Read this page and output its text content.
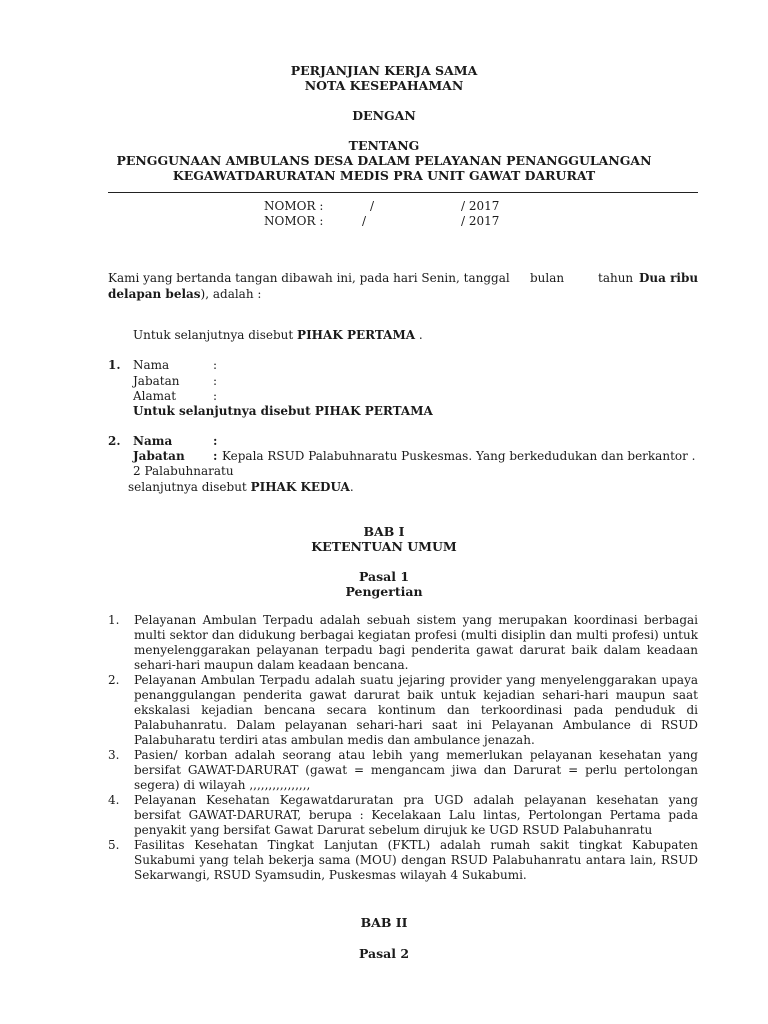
PERJANJIAN KERJA SAMA
NOTA KESEPAHAMAN
DENGAN
TENTANG
PENGGUNAAN AMBULANS DESA DALAM PELAYANAN PENANGGULANGAN
KEGAWATDARURATAN MEDIS PRA UNIT GAWAT DARURAT
NOMOR :	/	/ 2017
NOMOR :	/	/ 2017
Kami yang bertanda tangan dibawah ini, pada hari Senin, tanggal bulan	tahun Dua ribu
delapan belas), adalah :
Untuk selanjutnya disebut PIHAK PERTAMA .
1. Nama	:
Jabatan	:
Alamat	:
Untuk selanjutnya disebut PIHAK PERTAMA
2. Nama	:
Jabatan : Kepala RSUD Palabuhnaratu Puskesmas. Yang berkedudukan dan berkantor .
2 Palabuhnaratu
selanjutnya disebut PIHAK KEDUA.
BAB I
KETENTUAN UMUM
Pasal 1
Pengertian
1. Pelayanan Ambulan Terpadu adalah sebuah sistem yang merupakan koordinasi berbagai multi sektor dan didukung berbagai kegiatan profesi (multi disiplin dan multi profesi) untuk menyelenggarakan pelayanan terpadu bagi penderita gawat darurat baik dalam keadaan sehari-hari maupun dalam keadaan bencana.
2. Pelayanan Ambulan Terpadu adalah suatu jejaring provider yang menyelenggarakan upaya penanggulangan penderita gawat darurat baik untuk kejadian sehari-hari maupun saat ekskalasi kejadian bencana secara kontinum dan terkoordinasi pada penduduk di Palabuhanratu. Dalam pelayanan sehari-hari saat ini Pelayanan Ambulance di RSUD Palabuharatu terdiri atas ambulan medis dan ambulance jenazah.
3. Pasien/ korban adalah seorang atau lebih yang memerlukan pelayanan kesehatan yang bersifat GAWAT-DARURAT (gawat = mengancam jiwa dan Darurat = perlu pertolongan segera) di wilayah ,,,,,,,,,,,,,,,,
4. Pelayanan Kesehatan Kegawatdaruratan pra UGD adalah pelayanan kesehatan yang bersifat GAWAT-DARURAT, berupa : Kecelakaan Lalu lintas, Pertolongan Pertama pada penyakit yang bersifat Gawat Darurat sebelum dirujuk ke UGD RSUD Palabuhanratu
5. Fasilitas Kesehatan Tingkat Lanjutan (FKTL) adalah rumah sakit tingkat Kabupaten Sukabumi yang telah bekerja sama (MOU) dengan RSUD Palabuhanratu antara lain, RSUD Sekarwangi, RSUD Syamsudin, Puskesmas wilayah 4 Sukabumi.
BAB II
Pasal 2
